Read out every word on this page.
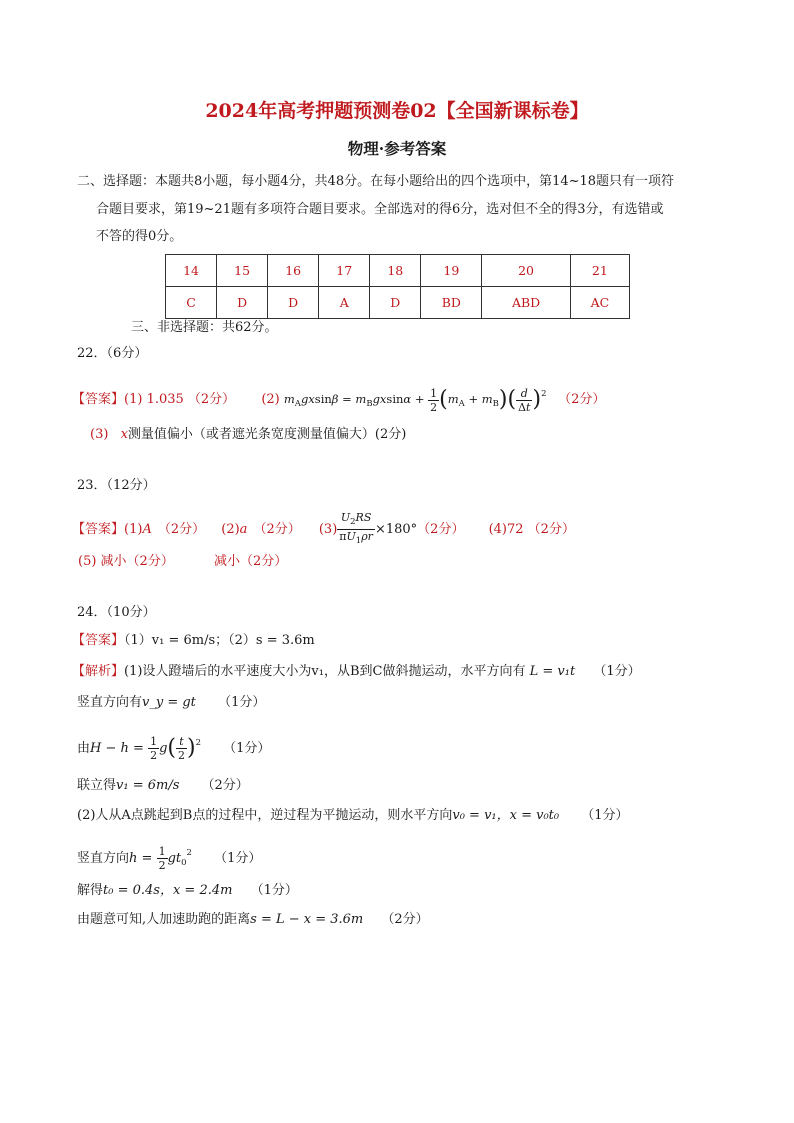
2024年高考押题预测卷02【全国新课标卷】
物理·参考答案
二、选择题：本题共8小题，每小题4分，共48分。在每小题给出的四个选项中，第14~18题只有一项符
合题目要求，第19~21题有多项符合题目要求。全部选对的得6分，选对但不全的得3分，有选错或
不答的得0分。
14	15	16	17	18	19	20	21
C	D	D	A	D	BD	ABD	AC
三、非选择题：共62分。
22．（6分）
【答案】(1) 1.035 （2分） (2) $m_Agxsin\beta = m_Bgxsin\alpha + \frac{1}{2} (m_A + m_B)( \frac{d}{\Delta t} )^2$ （2分）
(3) x测量值偏小（或者遮光条宽度测量值偏大）(2分)
23．（12分）
【答案】(1)A （2分） (2)a （2分） $(3) \frac{U_2RS}{\pi U_1\rho r} \times 180^\circ(2$分） (4)72 （2分）
(5) 减小（2分）	减小（2分）
24．（10分）
【答案】（1）v₁ = 6m/s；（2）s = 3.6m
【解析】(1)设人蹬墙后的水平速度大小为v₁，从B到C做斜抛运动，水平方向有 L = v₁t （1分）
竖直方向有v_y = gt （1分）
由$H - h = \frac{1}{2} g( \frac{t}{2} )^2$ （1分）
联立得v₁ = 6m/s （2分）
(2)人从A点跳起到B点的过程中，逆过程为平抛运动，则水平方向v₀ = v₁，x = v₀t₀ （1分）
竖直方向$h = \frac{1}{2} gt_0^2$ （1分）
解得t₀ = 0.4s，x = 2.4m （1分）
由题意可知,人加速助跑的距离s = L − x = 3.6m （2分）
